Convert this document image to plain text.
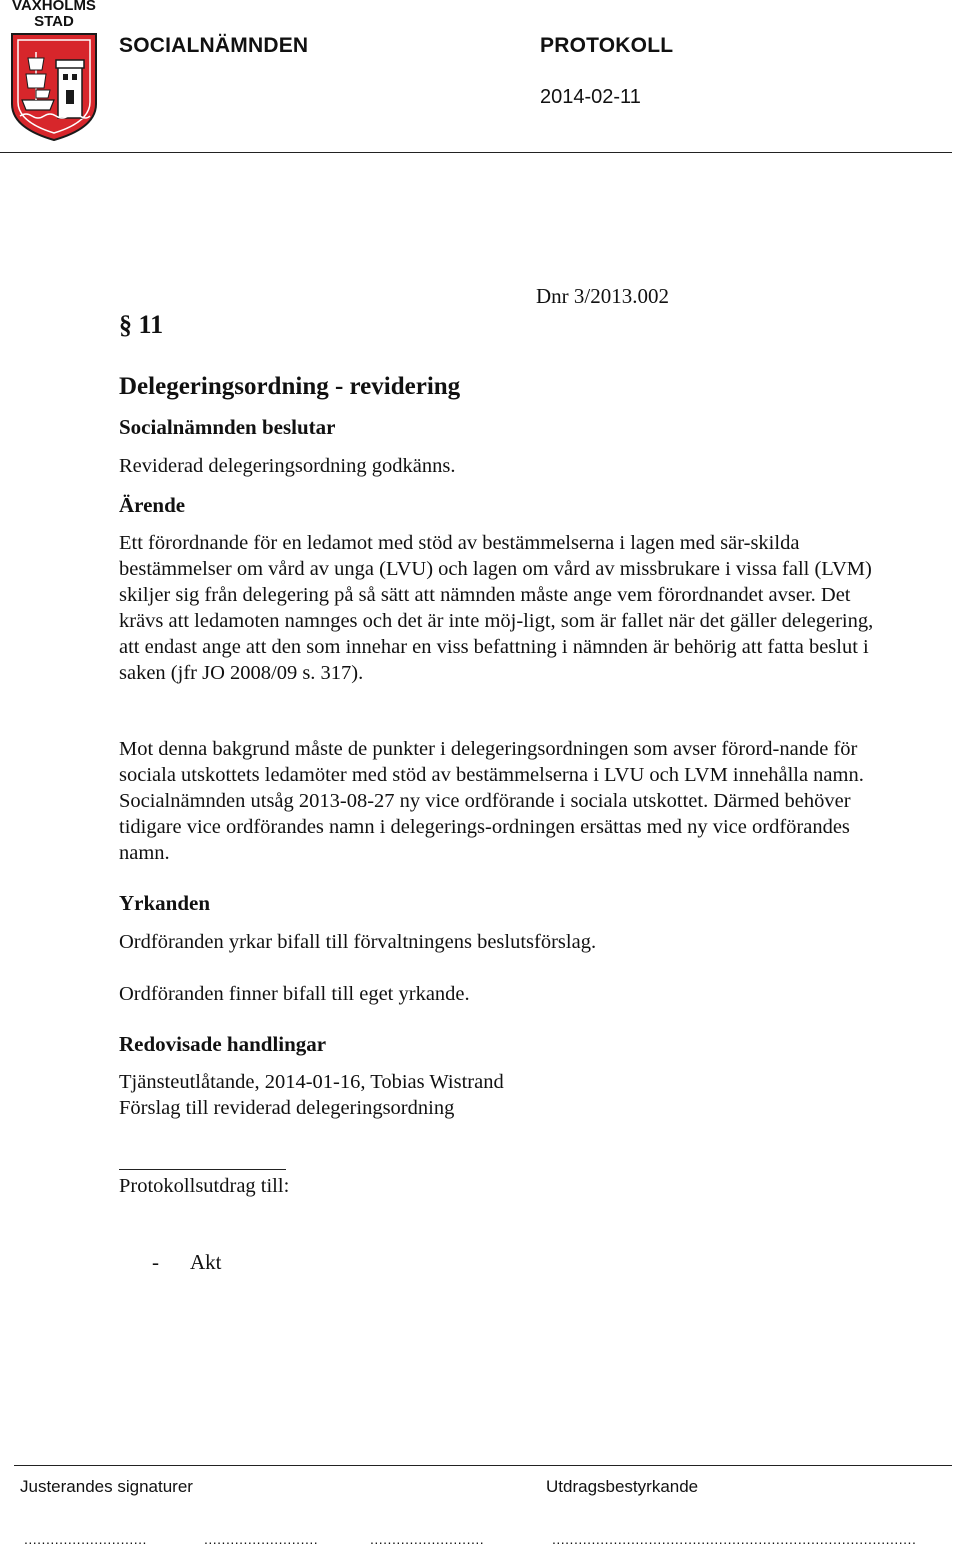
VAXHOLMS
STAD
SOCIALNÄMNDEN	PROTOKOLL
2014-02-11
Dnr 3/2013.002
§ 11
Delegeringsordning - revidering
Socialnämnden beslutar
Reviderad delegeringsordning godkänns.
Ärende

Ett förordnande för en ledamot med stöd av bestämmelserna i lagen med sär-skilda bestämmelser om vård av unga (LVU) och lagen om vård av missbrukare i vissa fall (LVM) skiljer sig från delegering på så sätt att nämnden måste ange vem förordnandet avser. Det krävs att ledamoten namnges och det är inte möj-ligt, som är fallet när det gäller delegering, att endast ange att den som innehar en viss befattning i nämnden är behörig att fatta beslut i saken (jfr JO 2008/09 s. 317).

Mot denna bakgrund måste de punkter i delegeringsordningen som avser förord-nande för sociala utskottets ledamöter med stöd av bestämmelserna i LVU och LVM innehålla namn. Socialnämnden utsåg 2013-08-27 ny vice ordförande i sociala utskottet. Därmed behöver tidigare vice ordförandes namn i delegerings-ordningen ersättas med ny vice ordförandes namn.

Yrkanden
Ordföranden yrkar bifall till förvaltningens beslutsförslag.
Ordföranden finner bifall till eget yrkande.
Redovisade handlingar
Tjänsteutlåtande, 2014-01-16, Tobias Wistrand
Förslag till reviderad delegeringsordning
Protokollsutdrag till:
- Akt
Justerandes signaturer	Utdragsbestyrkande
............................	..........................	..........................	...................................................................................
